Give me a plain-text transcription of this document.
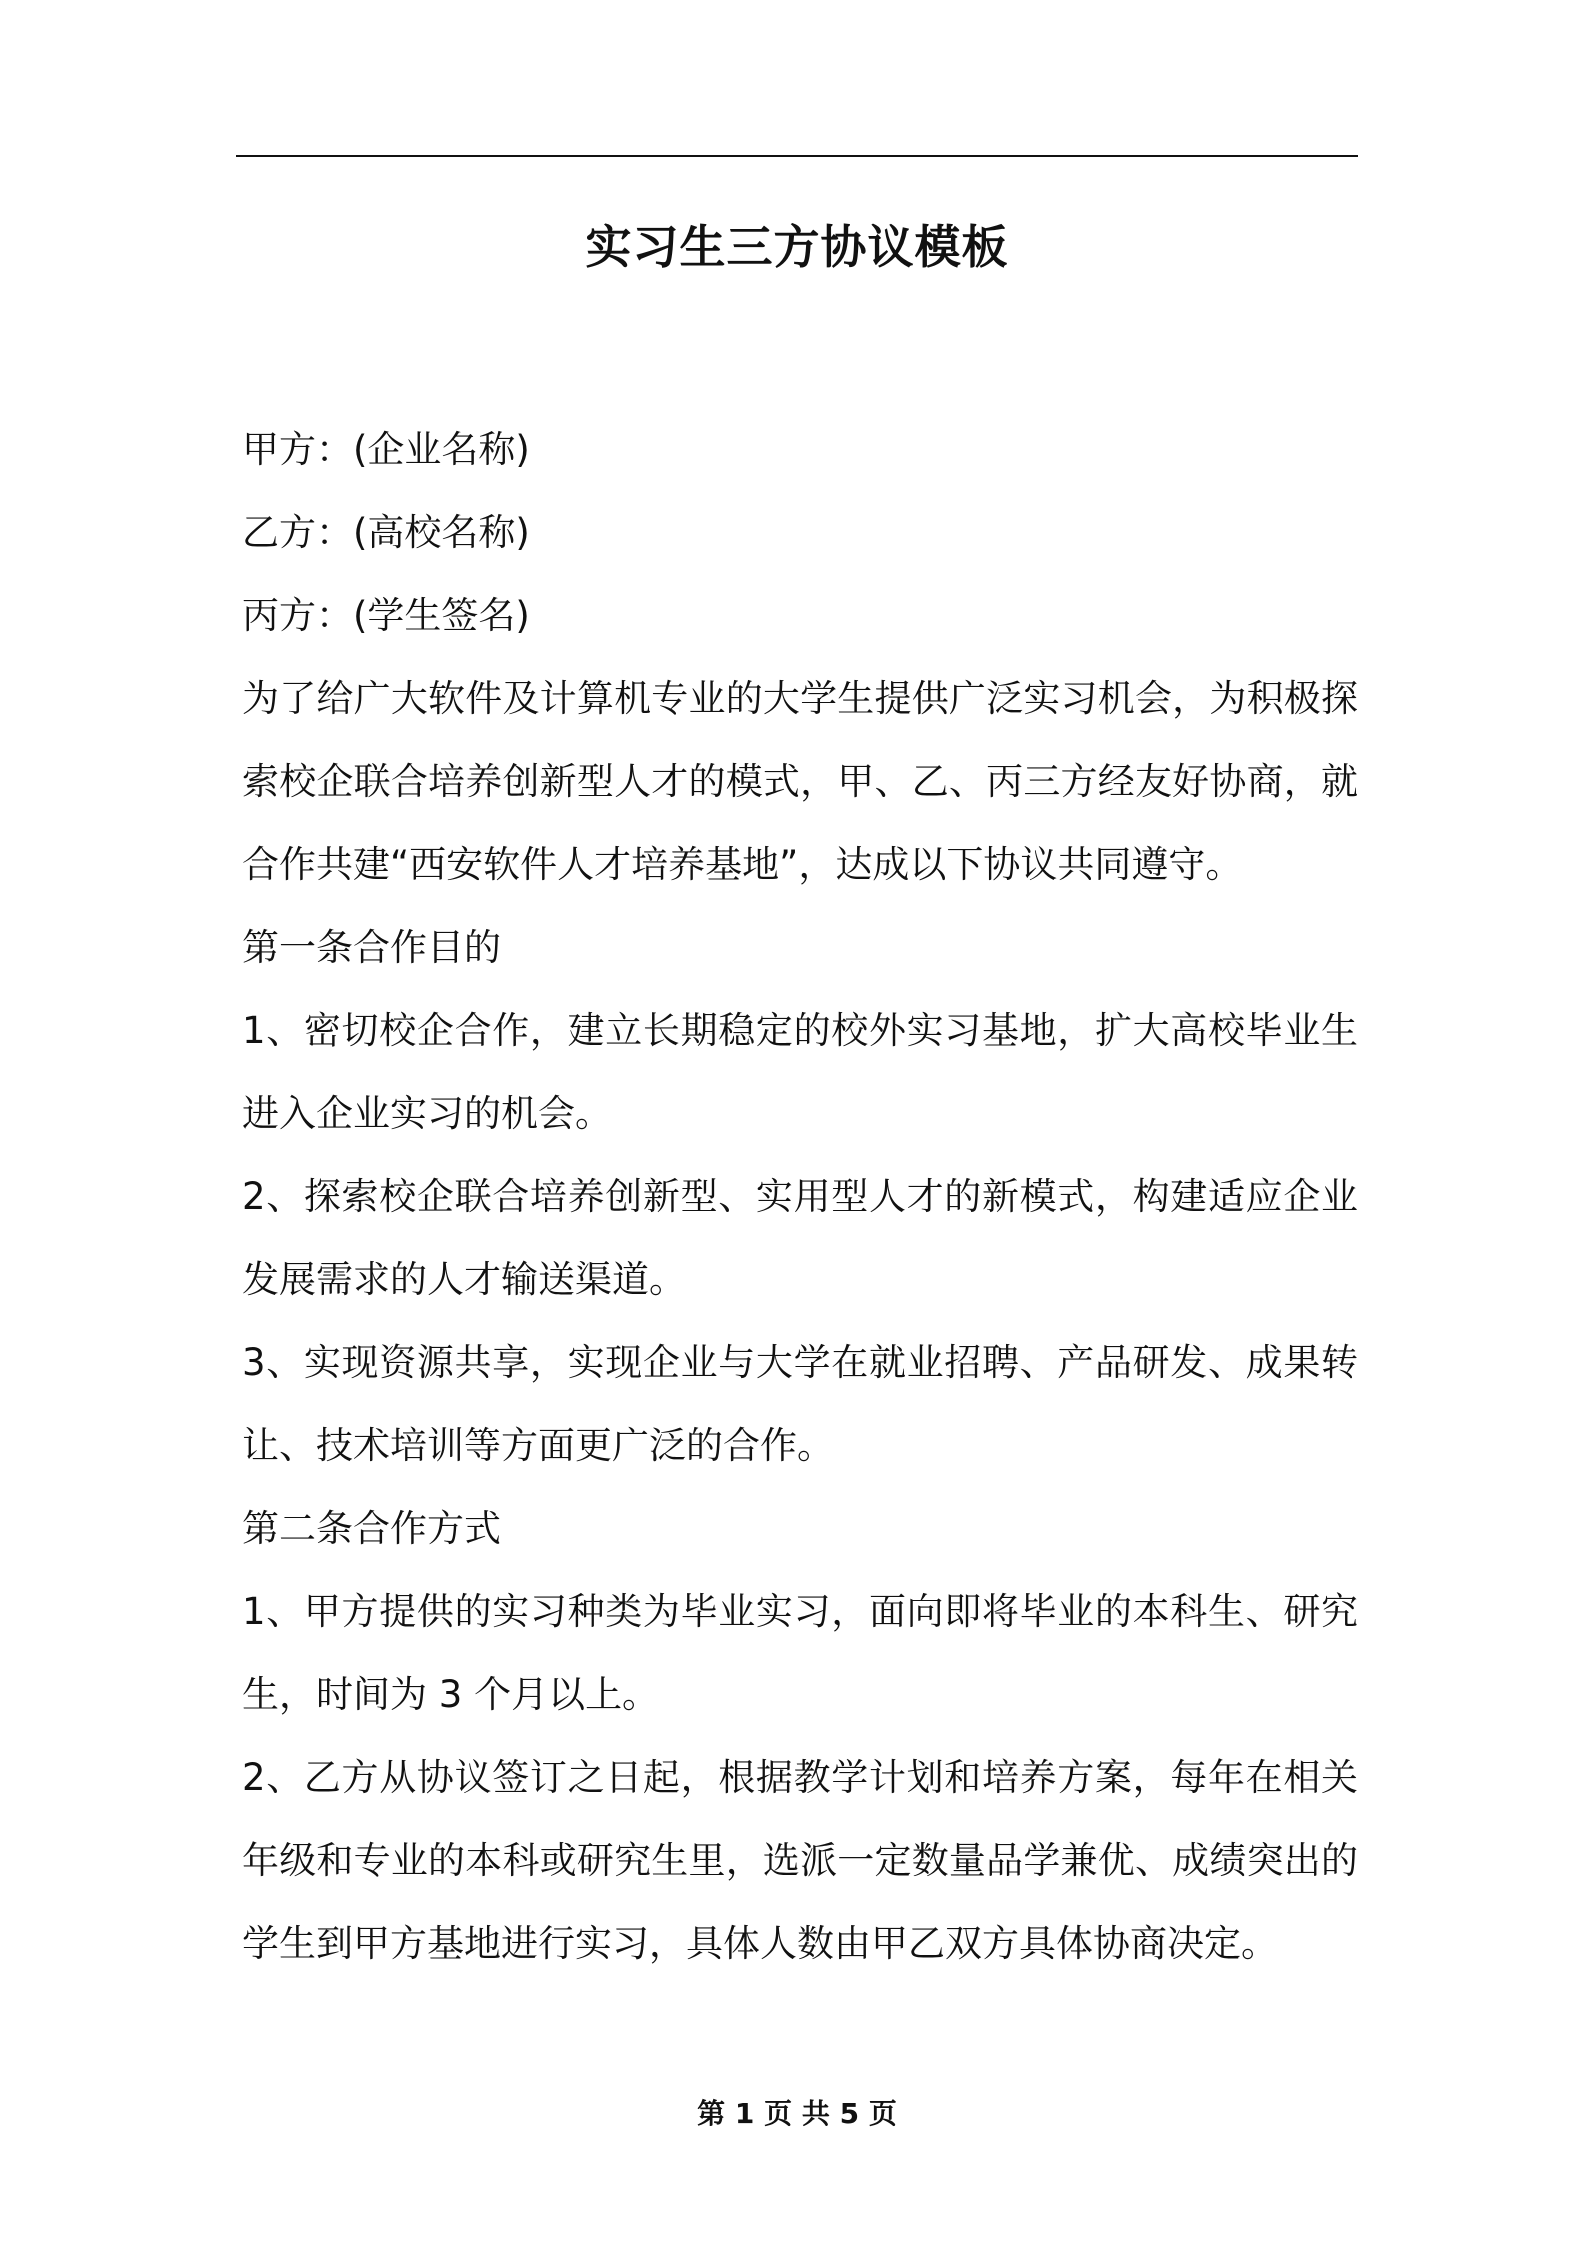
实习生三方协议模板

甲方：(企业名称)

乙方：(高校名称)

丙方：(学生签名)

为了给广大软件及计算机专业的大学生提供广泛实习机会，为积极探

索校企联合培养创新型人才的模式，甲、乙、丙三方经友好协商，就

合作共建“西安软件人才培养基地”，达成以下协议共同遵守。

第一条合作目的

1、密切校企合作，建立长期稳定的校外实习基地，扩大高校毕业生

进入企业实习的机会。

2、探索校企联合培养创新型、实用型人才的新模式，构建适应企业

发展需求的人才输送渠道。

3、实现资源共享，实现企业与大学在就业招聘、产品研发、成果转

让、技术培训等方面更广泛的合作。

第二条合作方式

1、甲方提供的实习种类为毕业实习，面向即将毕业的本科生、研究

生，时间为 3 个月以上。

2、乙方从协议签订之日起，根据教学计划和培养方案，每年在相关

年级和专业的本科或研究生里，选派一定数量品学兼优、成绩突出的

学生到甲方基地进行实习，具体人数由甲乙双方具体协商决定。

第 1 页 共 5 页
